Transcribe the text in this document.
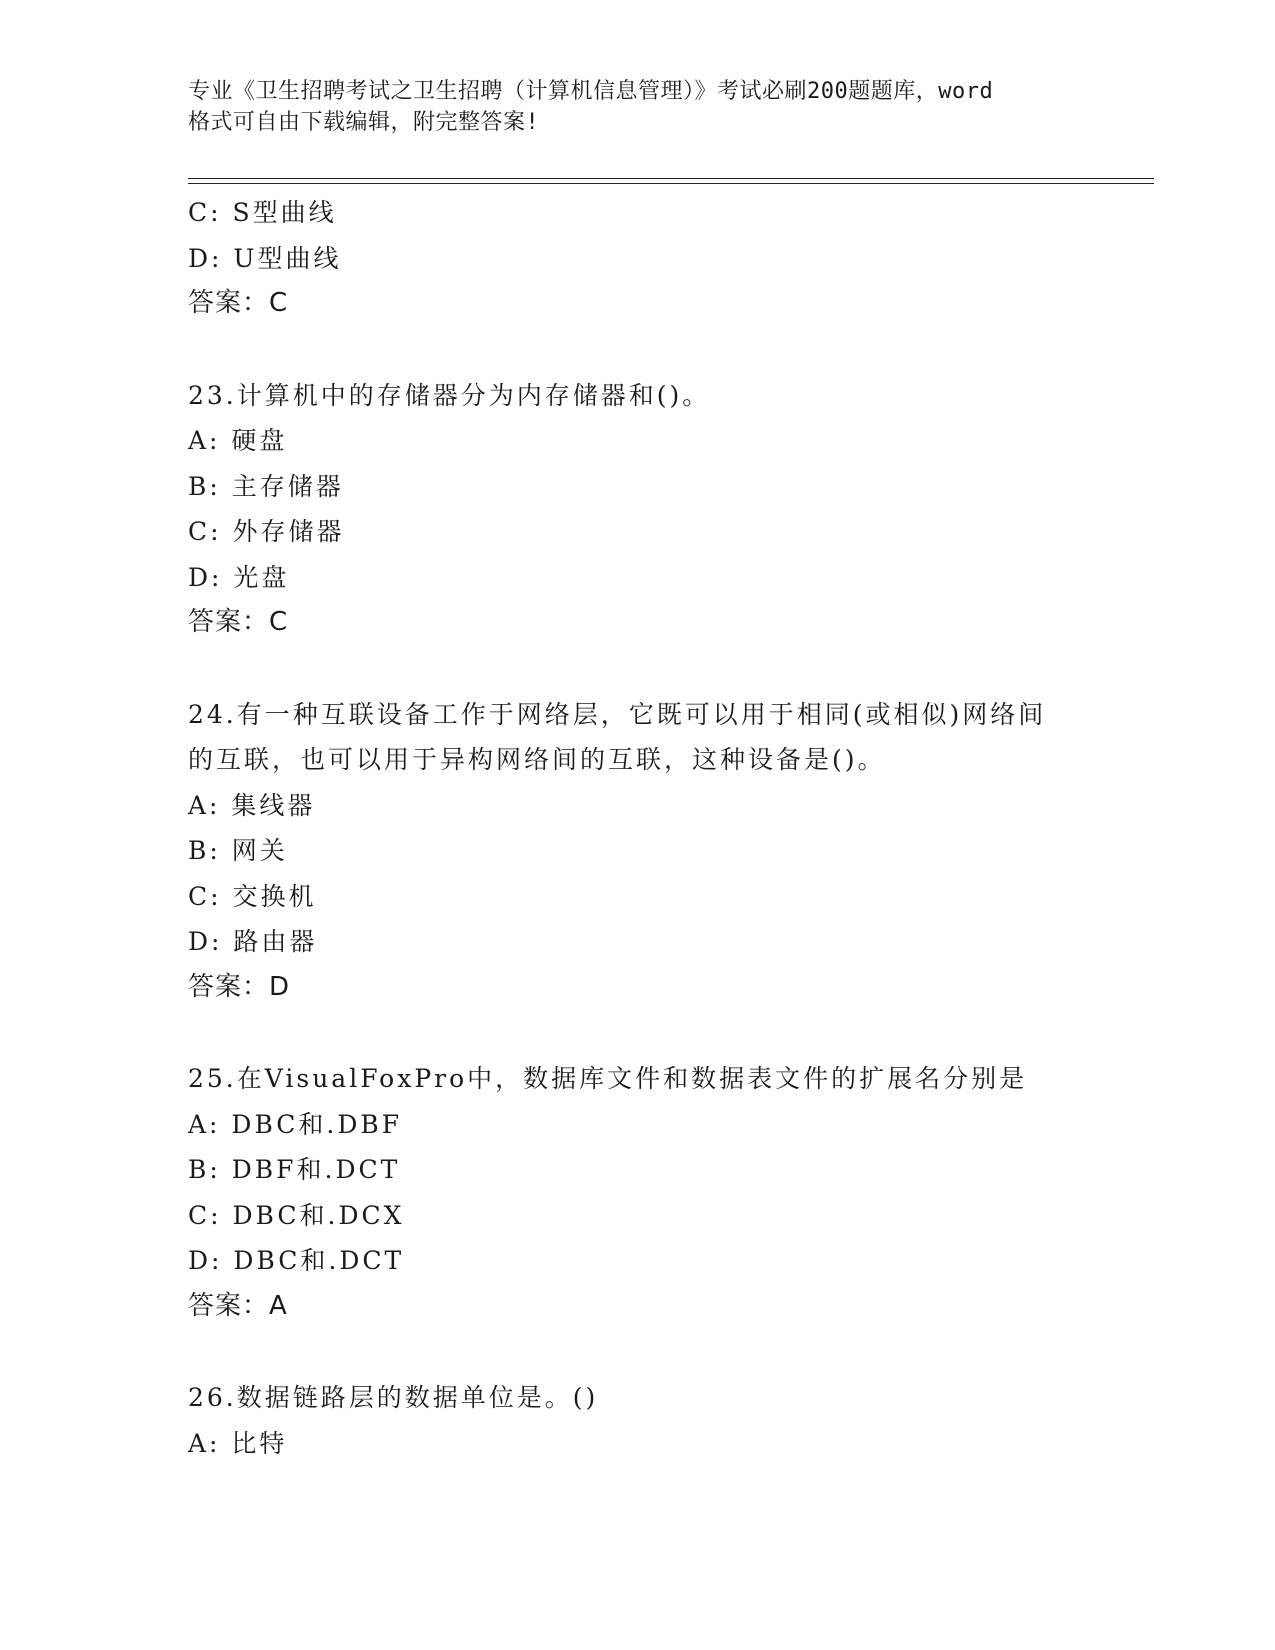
专业《卫生招聘考试之卫生招聘（计算机信息管理）》考试必刷200题题库，word
格式可自由下载编辑，附完整答案!
C: S型曲线
D: U型曲线
答案：C
23.计算机中的存储器分为内存储器和()。
A: 硬盘
B: 主存储器
C: 外存储器
D: 光盘
答案：C
24.有一种互联设备工作于网络层，它既可以用于相同(或相似)网络间
的互联，也可以用于异构网络间的互联，这种设备是()。
A: 集线器
B: 网关
C: 交换机
D: 路由器
答案：D
25.在VisualFoxPro中，数据库文件和数据表文件的扩展名分别是
A: DBC和.DBF
B: DBF和.DCT
C: DBC和.DCX
D: DBC和.DCT
答案：A
26.数据链路层的数据单位是。()
A: 比特
